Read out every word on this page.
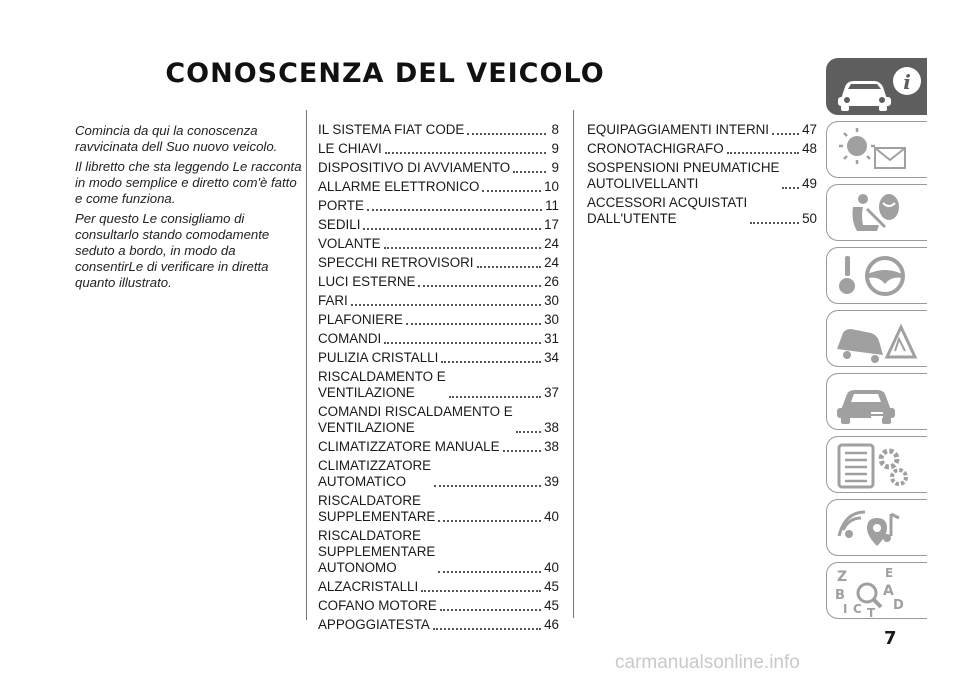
CONOSCENZA DEL VEICOLO

Comincia da qui la conoscenza ravvicinata dell Suo nuovo veicolo.

Il libretto che sta leggendo Le racconta in modo semplice e diretto com'è fatto e come funziona.

Per questo Le consigliamo di consultarlo stando comodamente seduto a bordo, in modo da consentirLe di verificare in diretta quanto illustrato.

IL SISTEMA FIAT CODE	8
LE CHIAVI	9
DISPOSITIVO DI AVVIAMENTO	9
ALLARME ELETTRONICO	10
PORTE	11
SEDILI	17
VOLANTE	24
SPECCHI RETROVISORI	24
LUCI ESTERNE	26
FARI	30
PLAFONIERE	30
COMANDI	31
PULIZIA CRISTALLI	34
RISCALDAMENTO E
VENTILAZIONE	37
COMANDI RISCALDAMENTO E
VENTILAZIONE	38
CLIMATIZZATORE MANUALE	38
CLIMATIZZATORE
AUTOMATICO	39
RISCALDATORE
SUPPLEMENTARE	40
RISCALDATORE
SUPPLEMENTARE
AUTONOMO	40
ALZACRISTALLI	45
COFANO MOTORE	45
APPOGGIATESTA	46
EQUIPAGGIAMENTI INTERNI 47
CRONOTACHIGRAFO	48
SOSPENSIONI PNEUMATICHE
AUTOLIVELLANTI	49
ACCESSORI ACQUISTATI
DALL'UTENTE	50
i
Z	E
B	A
I C T D
7
carmanualsonline.info
